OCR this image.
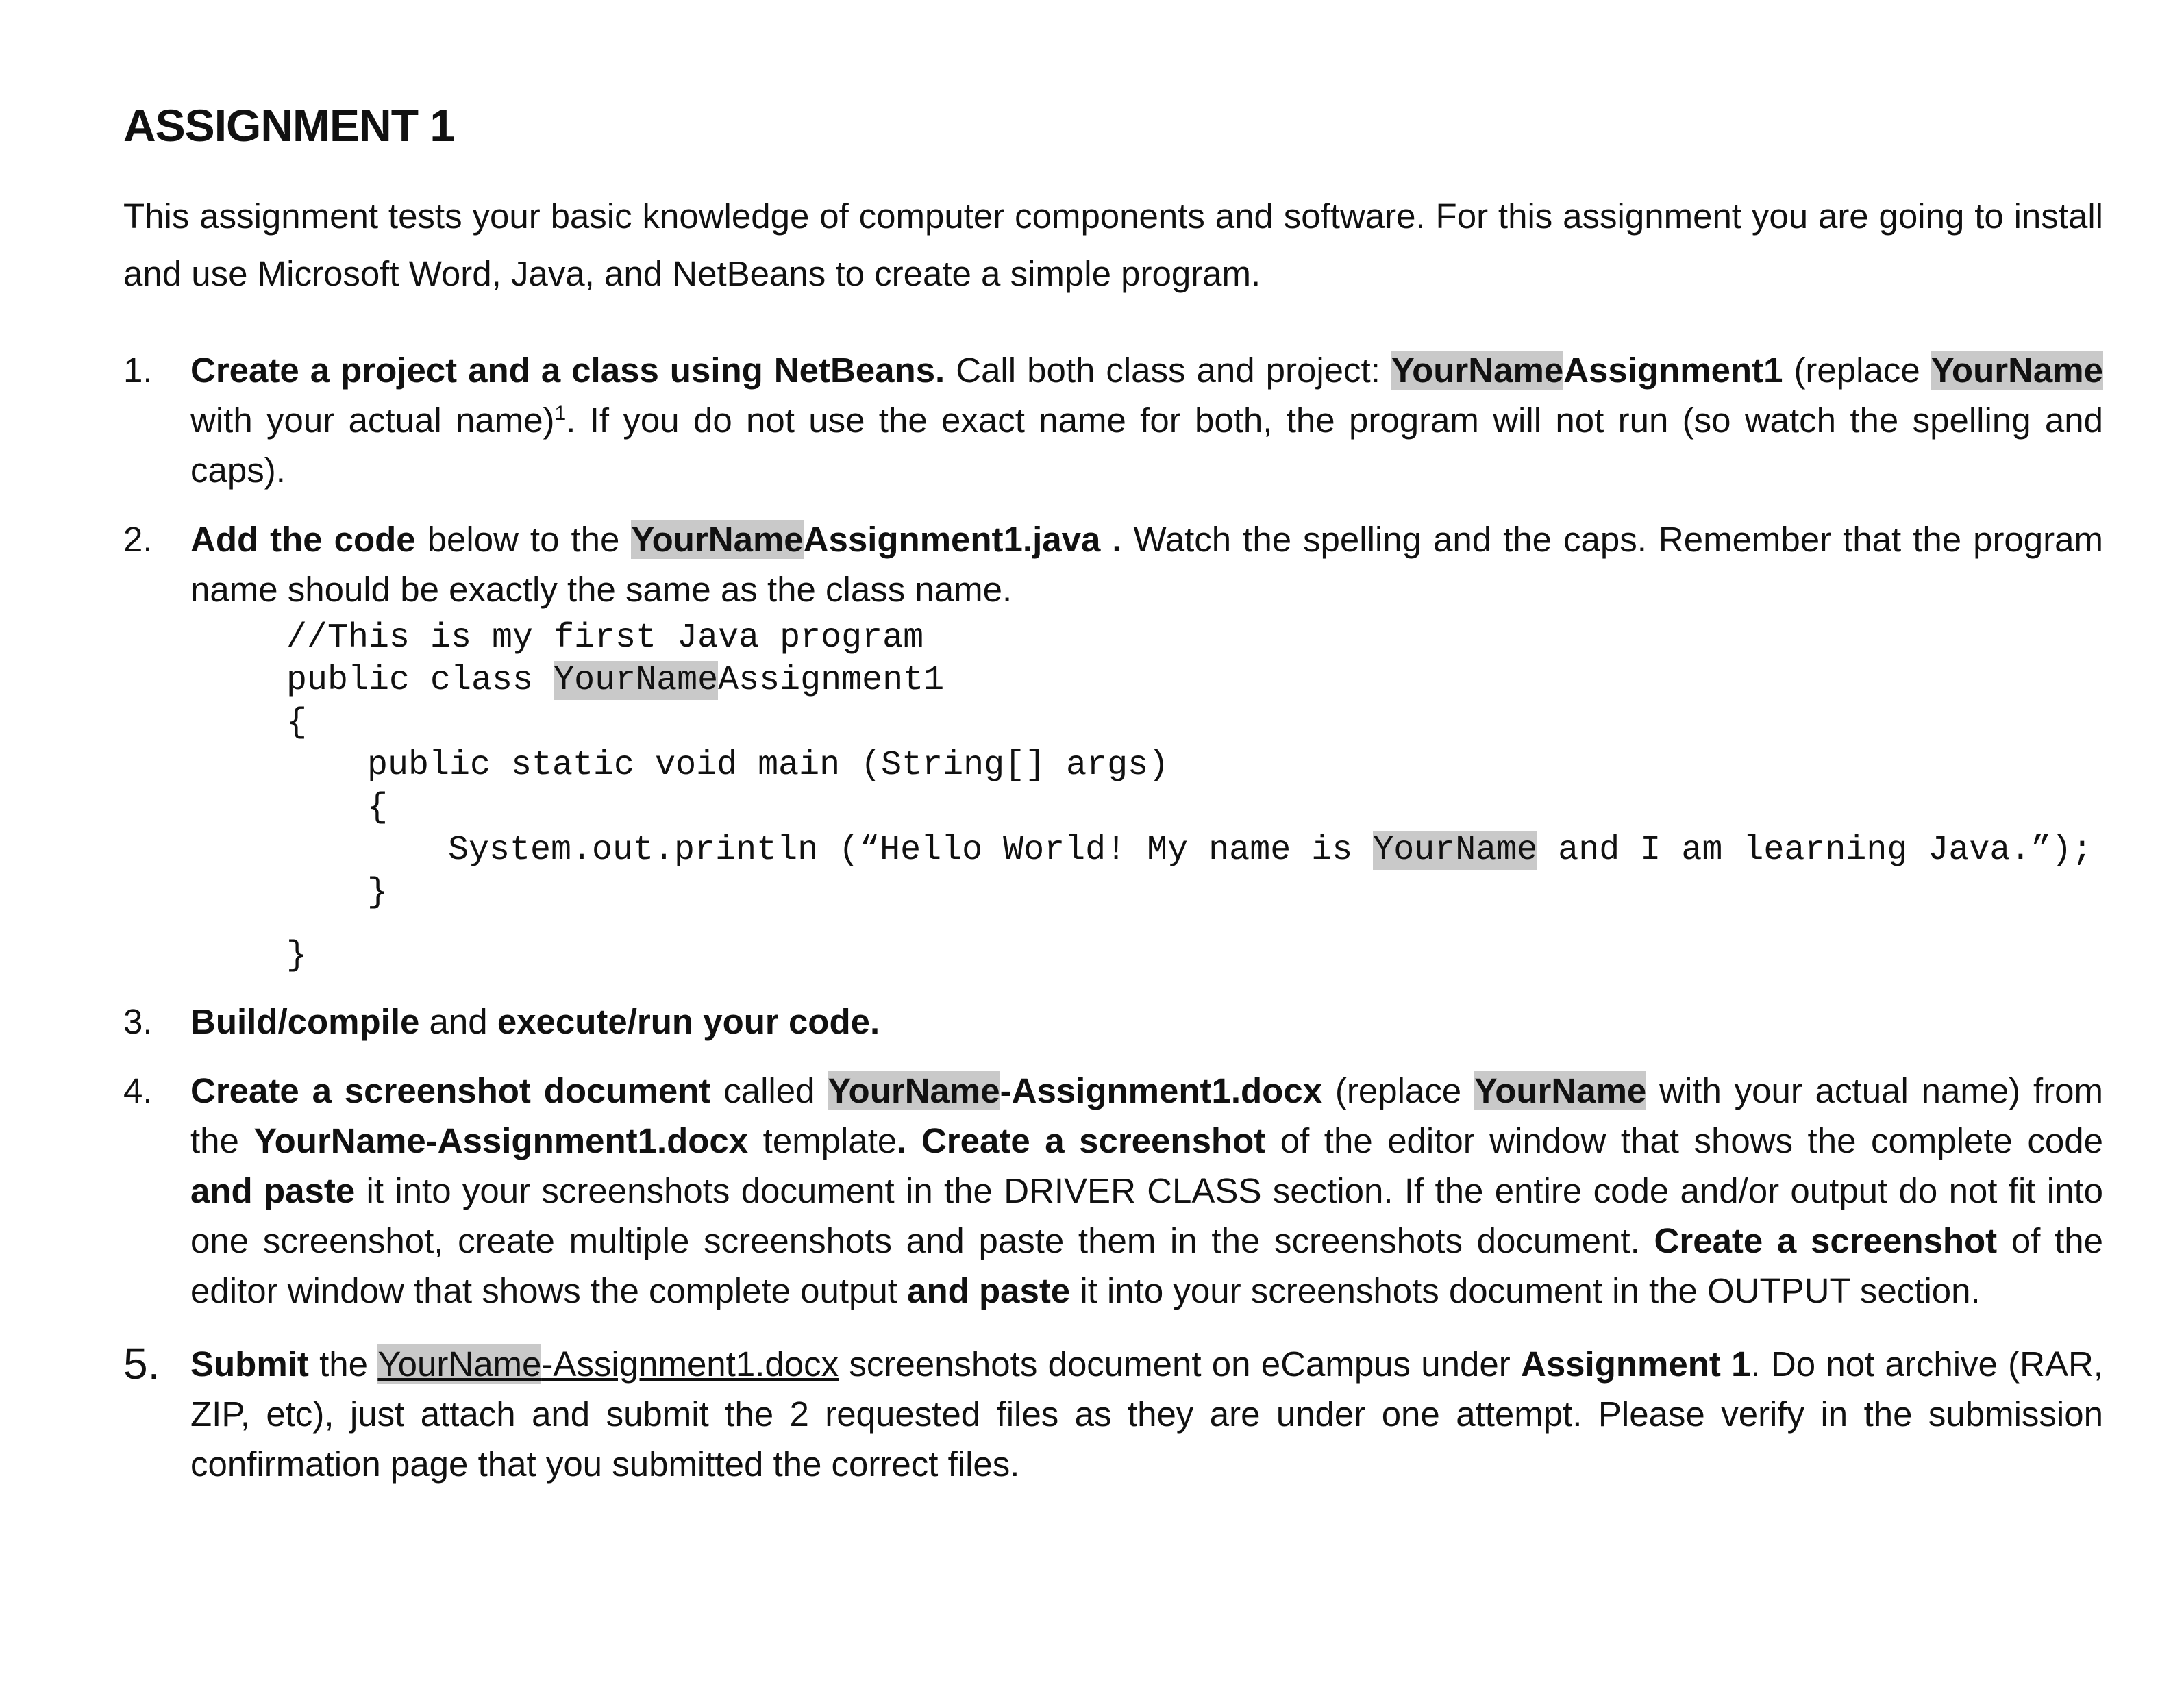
ASSIGNMENT 1

This assignment tests your basic knowledge of computer components and software. For this assignment you are going to install and use Microsoft Word, Java, and NetBeans to create a simple program.

1. Create a project and a class using NetBeans. Call both class and project: YourNameAssignment1 (replace YourName with your actual name)$^1$. If you do not use the exact name for both, the program will not run (so watch the spelling and caps).
2. Add the code below to the YourNameAssignment1.java . Watch the spelling and the caps. Remember that the program name should be exactly the same as the class name.
//This is my first Java program
public class YourNameAssignment1
{
public static void main (String[] args)
{
System.out.println (“Hello World! My name is YourName and I am learning Java.”);
}
}
3. Build/compile and execute/run your code.
4. Create a screenshot document called YourName-Assignment1.docx (replace YourName with your actual name) from the YourName-Assignment1.docx template. Create a screenshot of the editor window that shows the complete code and paste it into your screenshots document in the DRIVER CLASS section. If the entire code and/or output do not fit into one screenshot, create multiple screenshots and paste them in the screenshots document. Create a screenshot of the editor window that shows the complete output and paste it into your screenshots document in the OUTPUT section.
5. Submit the YourName-Assignment1.docx screenshots document on eCampus under Assignment 1. Do not archive (RAR, ZIP, etc), just attach and submit the 2 requested files as they are under one attempt. Please verify in the submission confirmation page that you submitted the correct files.
